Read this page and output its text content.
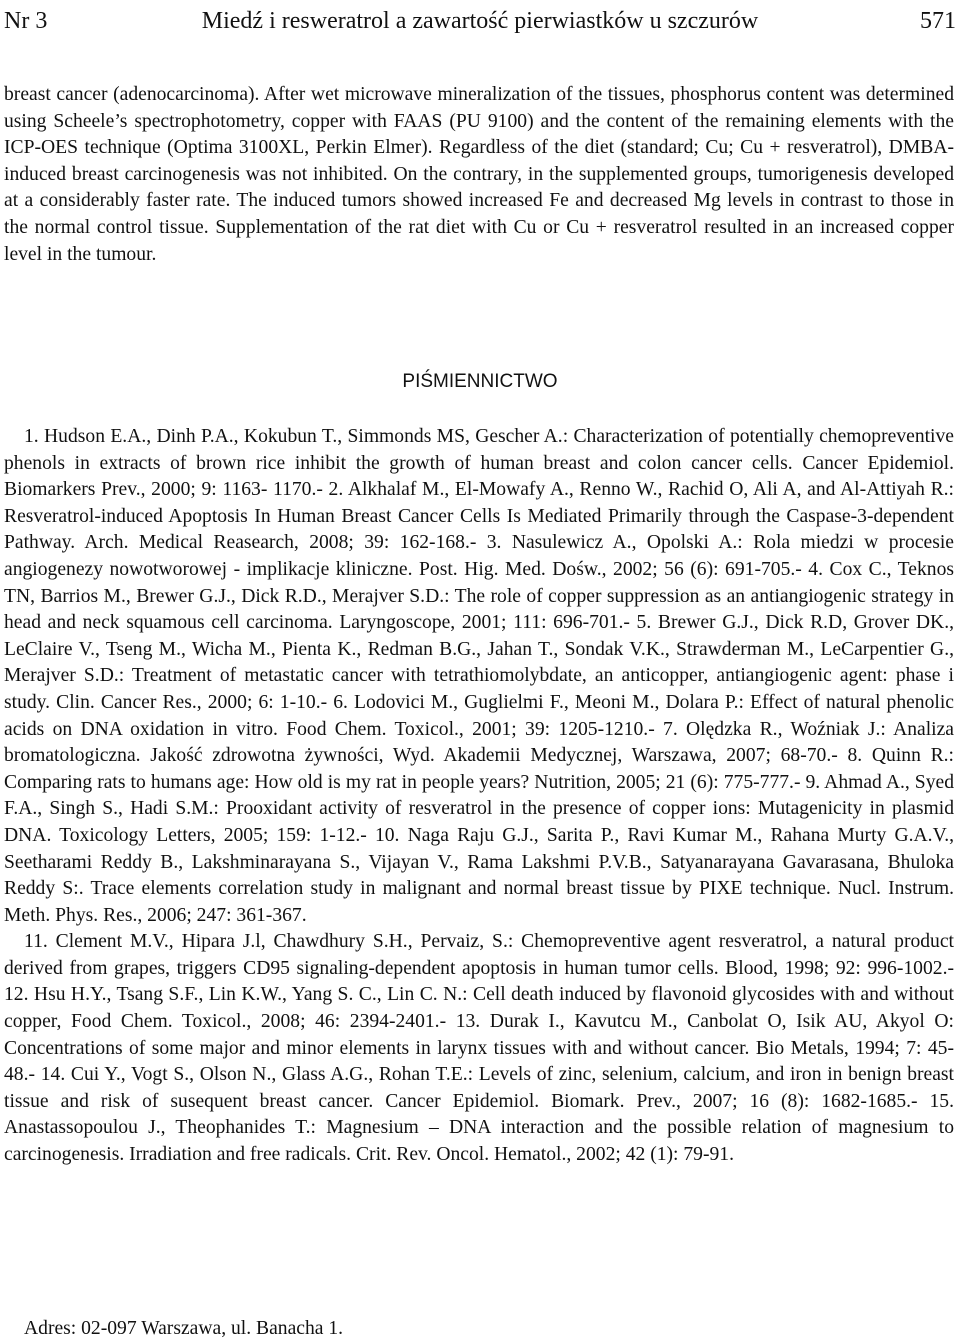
Nr 3	Miedź i resweratrol a zawartość pierwiastków u szczurów	571

breast cancer (adenocarcinoma). After wet microwave mineralization of the tissues, phosphorus content was determined using Scheele’s spectrophotometry, copper with FAAS (PU 9100) and the content of the remaining elements with the ICP-OES technique (Optima 3100XL, Perkin Elmer). Regardless of the diet (standard; Cu; Cu + resveratrol), DMBA-induced breast carcinogenesis was not inhibited. On the contrary, in the supplemented groups, tumorigenesis developed at a considerably faster rate. The induced tumors showed increased Fe and decreased Mg levels in contrast to those in the normal control tissue. Supplementation of the rat diet with Cu or Cu + resveratrol resulted in an increased copper level in the tumour.

PIŚMIENNICTWO

1. Hudson E.A., Dinh P.A., Kokubun T., Simmonds MS, Gescher A.: Characterization of potentially chemopreventive phenols in extracts of brown rice inhibit the growth of human breast and colon cancer cells. Cancer Epidemiol. Biomarkers Prev., 2000; 9: 1163- 1170.- 2. Alkhalaf M., El-Mowafy A., Renno W., Rachid O, Ali A, and Al-Attiyah R.: Resveratrol-induced Apoptosis In Human Breast Cancer Cells Is Mediated Primarily through the Caspase-3-dependent Pathway. Arch. Medical Reasearch, 2008; 39: 162-168.- 3. Nasulewicz A., Opolski A.: Rola miedzi w procesie angiogenezy nowotworowej - implikacje kliniczne. Post. Hig. Med. Dośw., 2002; 56 (6): 691-705.- 4. Cox C., Teknos TN, Barrios M., Brewer G.J., Dick R.D., Merajver S.D.: The role of copper suppression as an antiangiogenic strategy in head and neck squamous cell carcinoma. Laryngoscope, 2001; 111: 696-701.- 5. Brewer G.J., Dick R.D, Grover DK., LeClaire V., Tseng M., Wicha M., Pienta K., Redman B.G., Jahan T., Sondak V.K., Strawderman M., LeCarpentier G., Merajver S.D.: Treatment of metastatic cancer with tetrathiomolybdate, an anticopper, antiangiogenic agent: phase i study. Clin. Cancer Res., 2000; 6: 1-10.- 6. Lodovici M., Guglielmi F., Meoni M., Dolara P.: Effect of natural phenolic acids on DNA oxidation in vitro. Food Chem. Toxicol., 2001; 39: 1205-1210.- 7. Olędzka R., Woźniak J.: Analiza bromatologiczna. Jakość zdrowotna żywności, Wyd. Akademii Medycznej, Warszawa, 2007; 68-70.- 8. Quinn R.: Comparing rats to humans age: How old is my rat in people years? Nutrition, 2005; 21 (6): 775-777.- 9. Ahmad A., Syed F.A., Singh S., Hadi S.M.: Prooxidant activity of resveratrol in the presence of copper ions: Mutagenicity in plasmid DNA. Toxicology Letters, 2005; 159: 1-12.- 10. Naga Raju G.J., Sarita P., Ravi Kumar M., Rahana Murty G.A.V., Seetharami Reddy B., Lakshminarayana S., Vijayan V., Rama Lakshmi P.V.B., Satyanarayana Gavarasana, Bhuloka Reddy S:. Trace elements correlation study in malignant and normal breast tissue by PIXE technique. Nucl. Instrum. Meth. Phys. Res., 2006; 247: 361-367.

11. Clement M.V., Hipara J.l, Chawdhury S.H., Pervaiz, S.: Chemopreventive agent resveratrol, a natural product derived from grapes, triggers CD95 signaling-dependent apoptosis in human tumor cells. Blood, 1998; 92: 996-1002.- 12. Hsu H.Y., Tsang S.F., Lin K.W., Yang S. C., Lin C. N.: Cell death induced by flavonoid glycosides with and without copper, Food Chem. Toxicol., 2008; 46: 2394-2401.- 13. Durak I., Kavutcu M., Canbolat O, Isik AU, Akyol O: Concentrations of some major and minor elements in larynx tissues with and without cancer. Bio Metals, 1994; 7: 45-48.- 14. Cui Y., Vogt S., Olson N., Glass A.G., Rohan T.E.: Levels of zinc, selenium, calcium, and iron in benign breast tissue and risk of susequent breast cancer. Cancer Epidemiol. Biomark. Prev., 2007; 16 (8): 1682-1685.- 15. Anastassopoulou J., Theophanides T.: Magnesium – DNA interaction and the possible relation of magnesium to carcinogenesis. Irradiation and free radicals. Crit. Rev. Oncol. Hematol., 2002; 42 (1): 79-91.

Adres: 02-097 Warszawa, ul. Banacha 1.
